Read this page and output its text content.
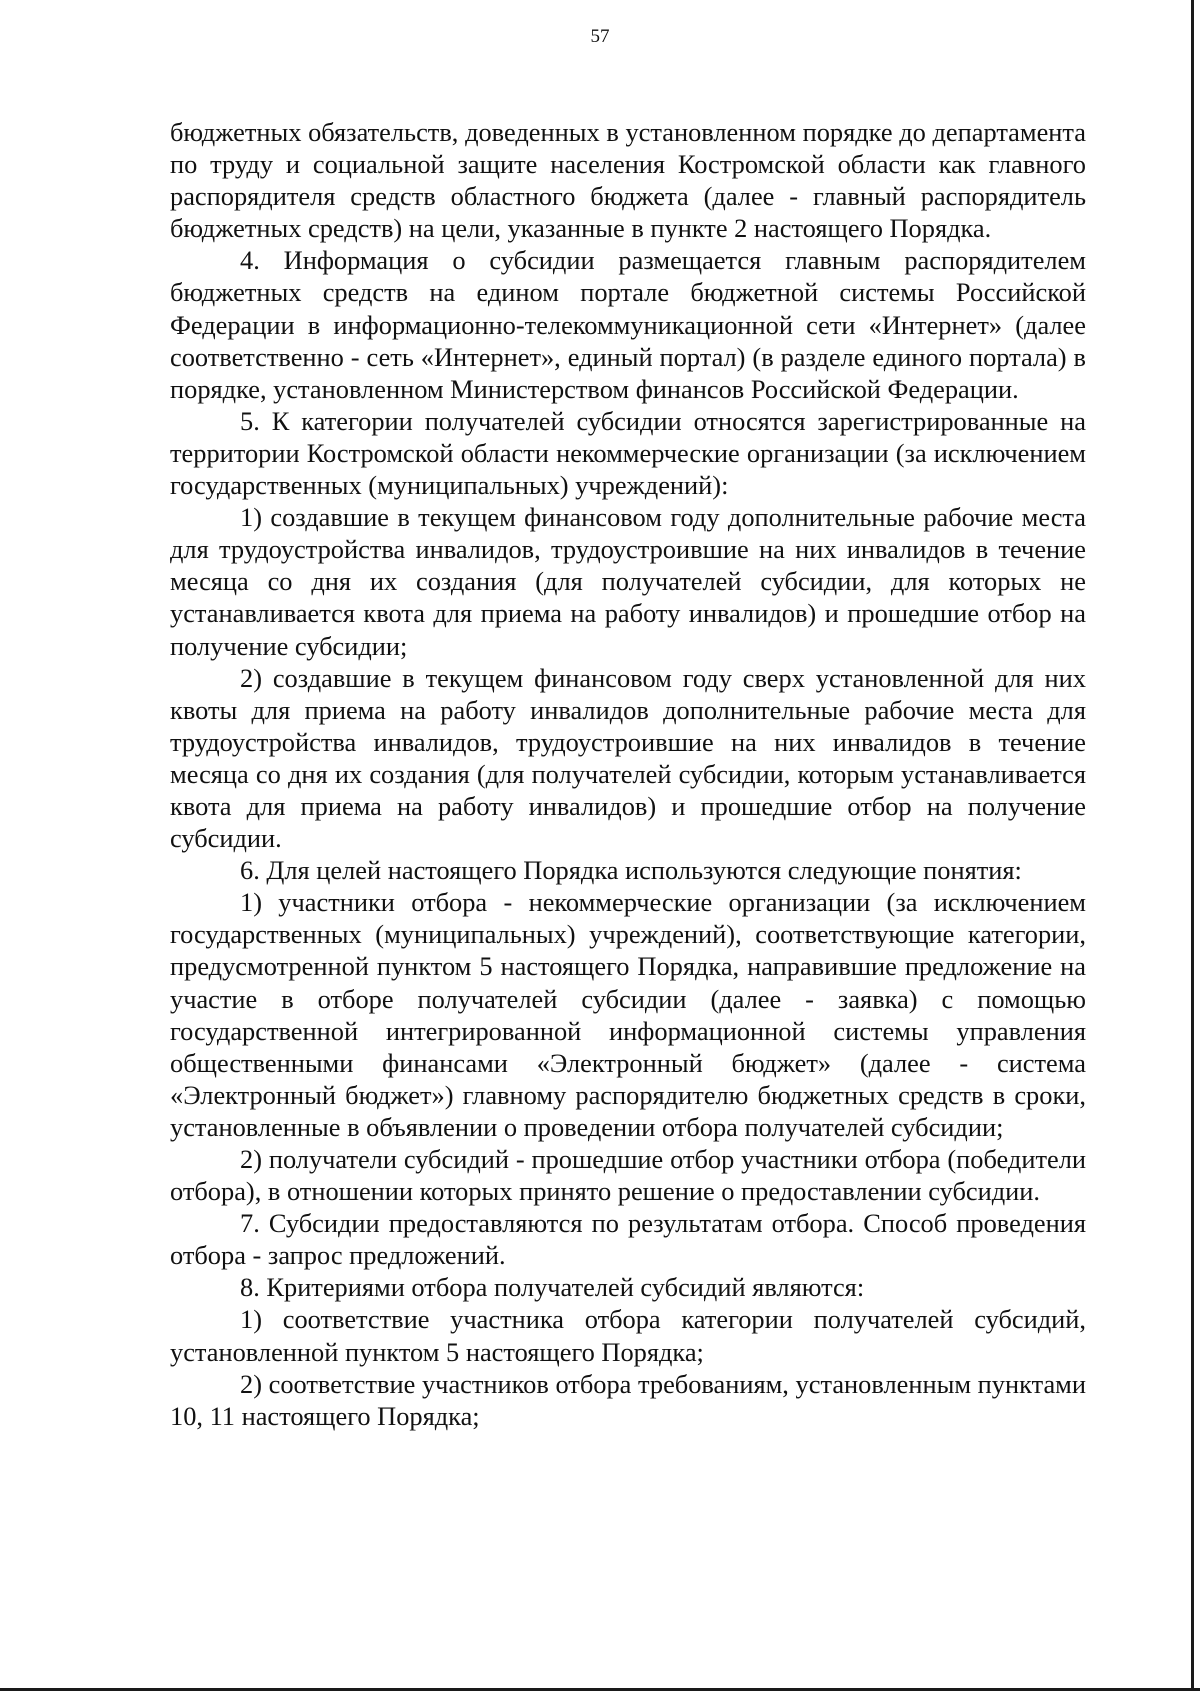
57

бюджетных обязательств, доведенных в установленном порядке до департамента по труду и социальной защите населения Костромской области как главного распорядителя средств областного бюджета (далее - главный распорядитель бюджетных средств) на цели, указанные в пункте 2 настоящего Порядка.

4. Информация о субсидии размещается главным распорядителем бюджетных средств на едином портале бюджетной системы Российской Федерации в информационно-телекоммуникационной сети «Интернет» (далее соответственно - сеть «Интернет», единый портал) (в разделе единого портала) в порядке, установленном Министерством финансов Российской Федерации.

5. К категории получателей субсидии относятся зарегистрированные на территории Костромской области некоммерческие организации (за исключением государственных (муниципальных) учреждений):

1) создавшие в текущем финансовом году дополнительные рабочие места для трудоустройства инвалидов, трудоустроившие на них инвалидов в течение месяца со дня их создания (для получателей субсидии, для которых не устанавливается квота для приема на работу инвалидов) и прошедшие отбор на получение субсидии;

2) создавшие в текущем финансовом году сверх установленной для них квоты для приема на работу инвалидов дополнительные рабочие места для трудоустройства инвалидов, трудоустроившие на них инвалидов в течение месяца со дня их создания (для получателей субсидии, которым устанавливается квота для приема на работу инвалидов) и прошедшие отбор на получение субсидии.

6. Для целей настоящего Порядка используются следующие понятия:

1) участники отбора - некоммерческие организации (за исключением государственных (муниципальных) учреждений), соответствующие категории, предусмотренной пунктом 5 настоящего Порядка, направившие предложение на участие в отборе получателей субсидии (далее - заявка) с помощью государственной интегрированной информационной системы управления общественными финансами «Электронный бюджет» (далее - система «Электронный бюджет») главному распорядителю бюджетных средств в сроки, установленные в объявлении о проведении отбора получателей субсидии;

2) получатели субсидий - прошедшие отбор участники отбора (победители отбора), в отношении которых принято решение о предоставлении субсидии.

7. Субсидии предоставляются по результатам отбора. Способ проведения отбора - запрос предложений.

8. Критериями отбора получателей субсидий являются:

1) соответствие участника отбора категории получателей субсидий, установленной пунктом 5 настоящего Порядка;

2) соответствие участников отбора требованиям, установленным пунктами 10, 11 настоящего Порядка;
